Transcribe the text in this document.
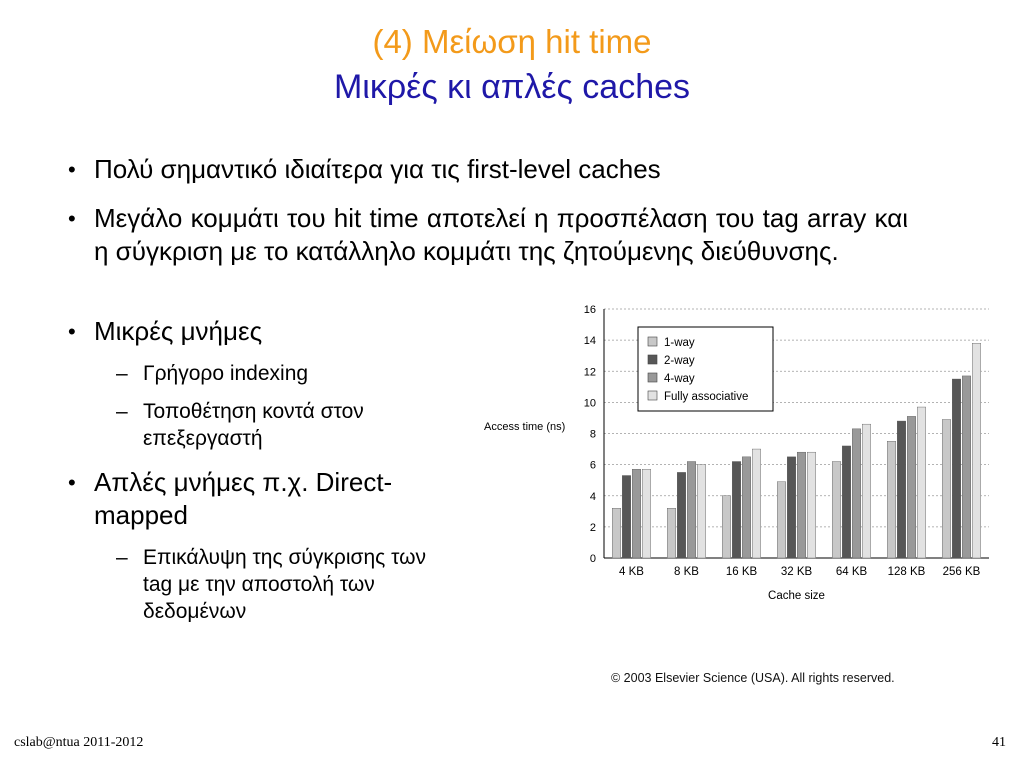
(4) Μείωση hit time
Μικρές κι απλές caches
• Πολύ σημαντικό ιδιαίτερα για τις first-level caches
• Μεγάλο κομμάτι του hit time αποτελεί η προσπέλαση του tag array και η σύγκριση με το κατάλληλο κομμάτι της ζητούμενης διεύθυνσης.
• Μικρές μνήμες
– Γρήγορο indexing
– Τοποθέτηση κοντά στον επεξεργαστή
• Απλές μνήμες π.χ. Direct-mapped
– Επικάλυψη της σύγκρισης των tag με την αποστολή των δεδομένων
0
2
4
6
8
10
12
14
16
4 KB	8 KB 16 KB 32 KB 64 KB 128 KB 256 KB
Cache size
Access time (ns)
1-way
2-way
4-way
Fully associative
© 2003 Elsevier Science (USA). All rights reserved.
cslab@ntua 2011-2012	41
